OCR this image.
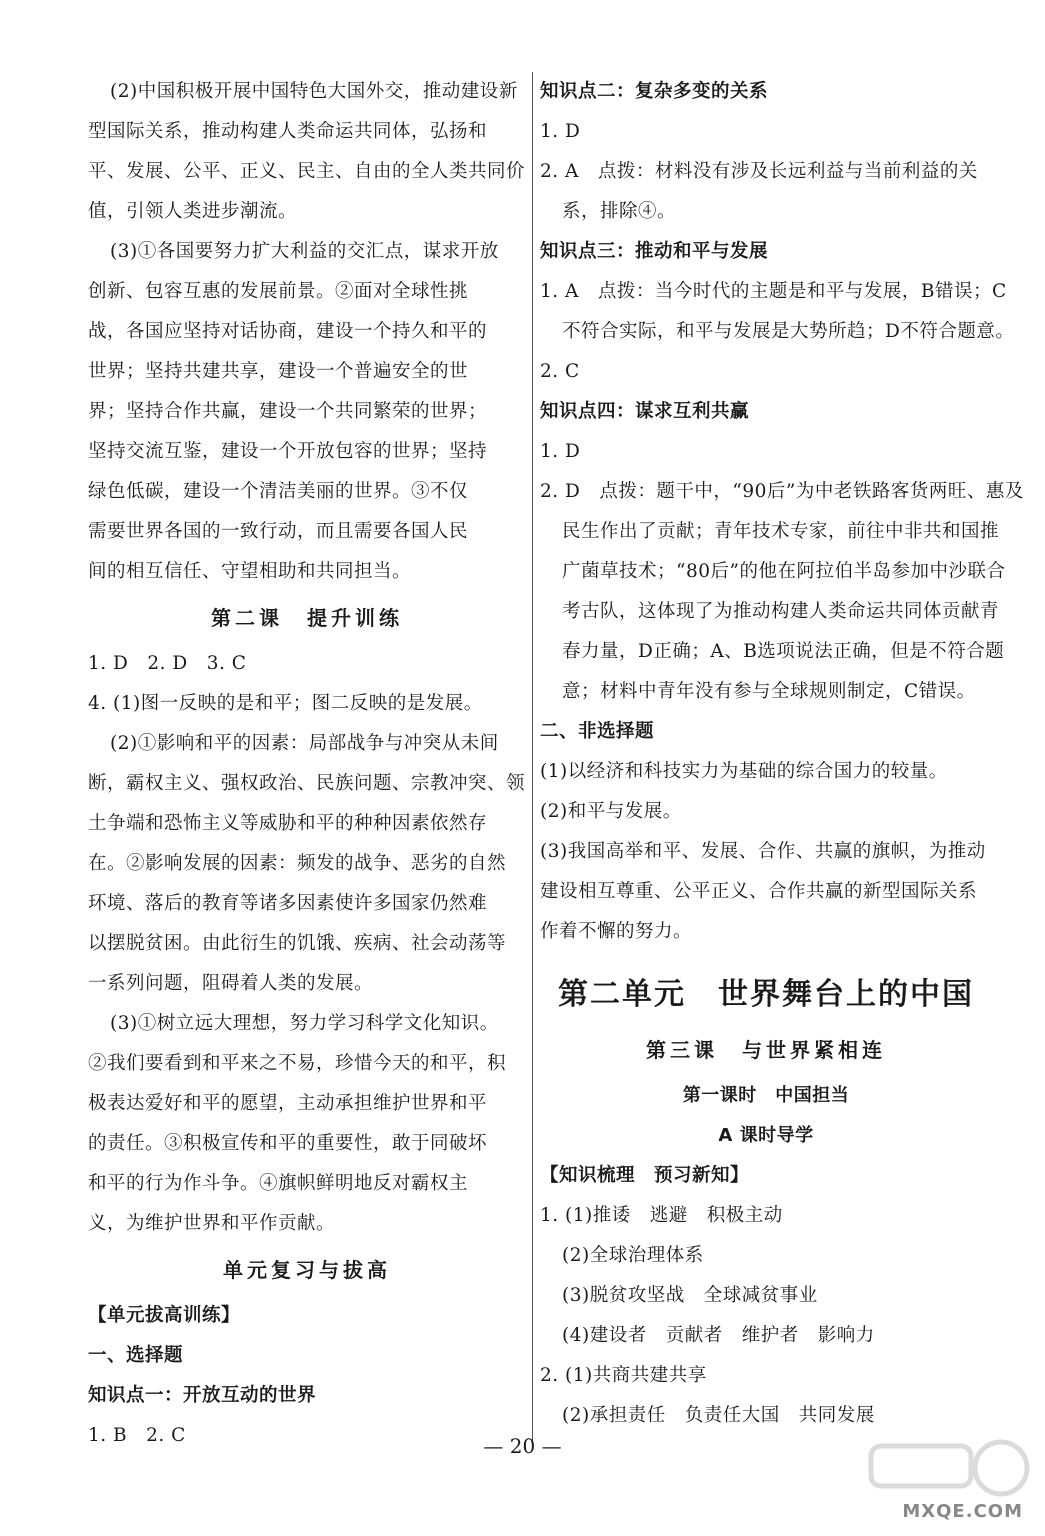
(2)中国积极开展中国特色大国外交，推动建设新
型国际关系，推动构建人类命运共同体，弘扬和
平、发展、公平、正义、民主、自由的全人类共同价
值，引领人类进步潮流。
(3)①各国要努力扩大利益的交汇点，谋求开放
创新、包容互惠的发展前景。②面对全球性挑
战，各国应坚持对话协商，建设一个持久和平的
世界；坚持共建共享，建设一个普遍安全的世
界；坚持合作共赢，建设一个共同繁荣的世界；
坚持交流互鉴，建设一个开放包容的世界；坚持
绿色低碳，建设一个清洁美丽的世界。③不仅
需要世界各国的一致行动，而且需要各国人民
间的相互信任、守望相助和共同担当。
第二课　提升训练
1. D　2. D　3. C
4. (1)图一反映的是和平；图二反映的是发展。
(2)①影响和平的因素：局部战争与冲突从未间
断，霸权主义、强权政治、民族问题、宗教冲突、领
土争端和恐怖主义等威胁和平的种种因素依然存
在。②影响发展的因素：频发的战争、恶劣的自然
环境、落后的教育等诸多因素使许多国家仍然难
以摆脱贫困。由此衍生的饥饿、疾病、社会动荡等
一系列问题，阻碍着人类的发展。
(3)①树立远大理想，努力学习科学文化知识。
②我们要看到和平来之不易，珍惜今天的和平，积
极表达爱好和平的愿望，主动承担维护世界和平
的责任。③积极宣传和平的重要性，敢于同破坏
和平的行为作斗争。④旗帜鲜明地反对霸权主
义，为维护世界和平作贡献。
单元复习与拔高
【单元拔高训练】
一、选择题
知识点一：开放互动的世界
1. B　2. C
知识点二：复杂多变的关系
1. D
2. A　点拨：材料没有涉及长远利益与当前利益的关
系，排除④。
知识点三：推动和平与发展
1. A　点拨：当今时代的主题是和平与发展，B错误；C
不符合实际，和平与发展是大势所趋；D不符合题意。
2. C
知识点四：谋求互利共赢
1. D
2. D　点拨：题干中，“90后”为中老铁路客货两旺、惠及
民生作出了贡献；青年技术专家，前往中非共和国推
广菌草技术；“80后”的他在阿拉伯半岛参加中沙联合
考古队，这体现了为推动构建人类命运共同体贡献青
春力量，D正确；A、B选项说法正确，但是不符合题
意；材料中青年没有参与全球规则制定，C错误。
二、非选择题
(1)以经济和科技实力为基础的综合国力的较量。
(2)和平与发展。
(3)我国高举和平、发展、合作、共赢的旗帜，为推动
建设相互尊重、公平正义、合作共赢的新型国际关系
作着不懈的努力。
第二单元　世界舞台上的中国
第三课　与世界紧相连
第一课时　中国担当
A 课时导学
【知识梳理　预习新知】
1. (1)推诿　逃避　积极主动
(2)全球治理体系
(3)脱贫攻坚战　全球减贫事业
(4)建设者　贡献者　维护者　影响力
2. (1)共商共建共享
(2)承担责任　负责任大国　共同发展
— 20 —
MXQE.COM
